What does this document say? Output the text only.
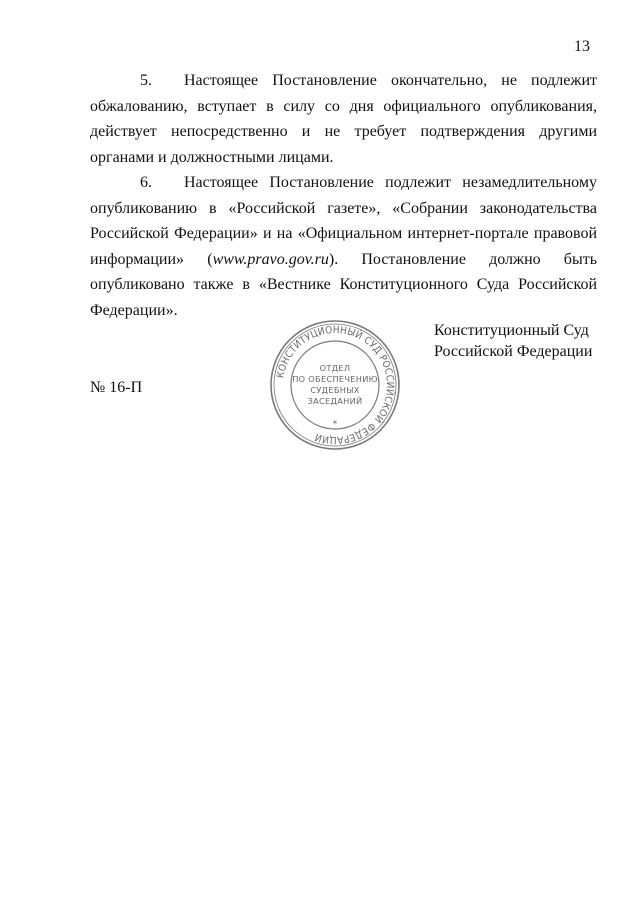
13

5.   Настоящее Постановление окончательно, не подлежит обжалованию, вступает в силу со дня официального опубликования, действует непосредственно и не требует подтверждения другими органами и должностными лицами.

6.   Настоящее Постановление подлежит незамедлительному опубликованию в «Российской газете», «Собрании законодательства Российской Федерации» и на «Официальном интернет-портале правовой информации» (www.pravo.gov.ru). Постановление должно быть опубликовано также в «Вестнике Конституционного Суда Российской Федерации».

КОНСТИТУЦИОННЫЙ СУД РОССИЙСКОЙ ФЕДЕРАЦИИ
*
ОТДЕЛ
ПО ОБЕСПЕЧЕНИЮ
СУДЕБНЫХ
ЗАСЕДАНИЙ
Конституционный Суд
Российской Федерации
№ 16-П
